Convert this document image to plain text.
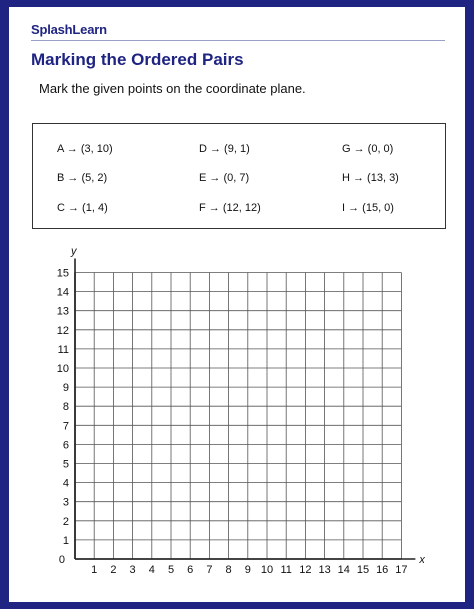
SplashLearn
Marking the Ordered Pairs
Mark the given points on the coordinate plane.
A → (3, 10)	D → (9, 1)	G → (0, 0)
B → (5, 2)	E → (0, 7)	H → (13, 3)
C → (1, 4)	F → (12, 12)	I → (15, 0)
1 2 3 4 5 6 7 8 9 10 11 12 13 14 15 16 17
1
2
3
4
5
6
7
8
9
10
11
12
13
14
15
0	x
y
